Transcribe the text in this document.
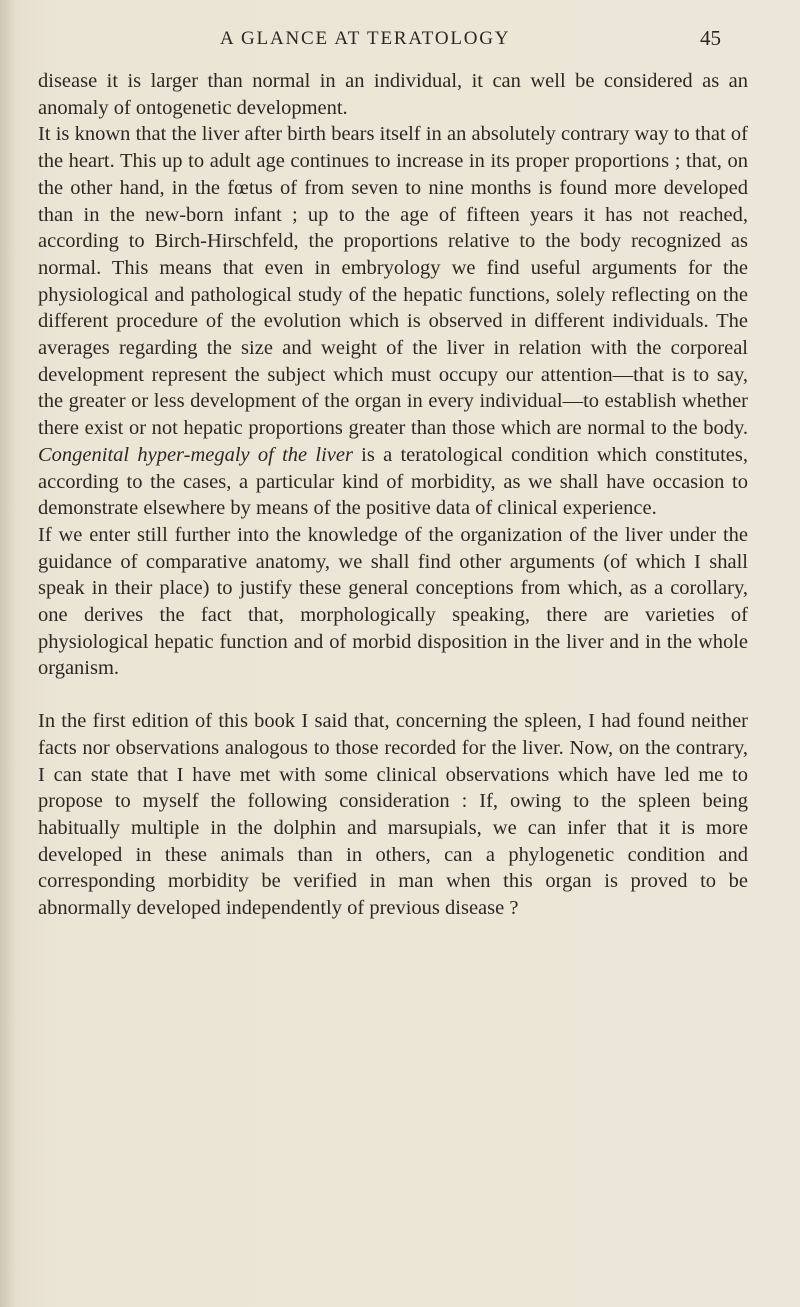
A GLANCE AT TERATOLOGY	45

disease it is larger than normal in an individual, it can well be considered as an anomaly of ontogenetic development.

It is known that the liver after birth bears itself in an absolutely contrary way to that of the heart. This up to adult age continues to increase in its proper proportions ; that, on the other hand, in the fœtus of from seven to nine months is found more developed than in the new-born infant ; up to the age of fifteen years it has not reached, according to Birch-Hirschfeld, the proportions relative to the body recognized as normal. This means that even in embryology we find useful arguments for the physiological and pathological study of the hepatic functions, solely reflecting on the different procedure of the evolution which is observed in different individuals. The averages regarding the size and weight of the liver in relation with the corporeal development represent the subject which must occupy our attention—that is to say, the greater or less development of the organ in every individual—to establish whether there exist or not hepatic proportions greater than those which are normal to the body. Congenital hyper-megaly of the liver is a teratological condition which constitutes, according to the cases, a particular kind of morbidity, as we shall have occasion to demonstrate elsewhere by means of the positive data of clinical experience.

If we enter still further into the knowledge of the organization of the liver under the guidance of comparative anatomy, we shall find other arguments (of which I shall speak in their place) to justify these general conceptions from which, as a corollary, one derives the fact that, morphologically speaking, there are varieties of physiological hepatic function and of morbid disposition in the liver and in the whole organism.

In the first edition of this book I said that, concerning the spleen, I had found neither facts nor observations analogous to those recorded for the liver. Now, on the contrary, I can state that I have met with some clinical observations which have led me to propose to myself the following consideration : If, owing to the spleen being habitually multiple in the dolphin and marsupials, we can infer that it is more developed in these animals than in others, can a phylogenetic condition and corresponding morbidity be verified in man when this organ is proved to be abnormally developed independently of previous disease ?
